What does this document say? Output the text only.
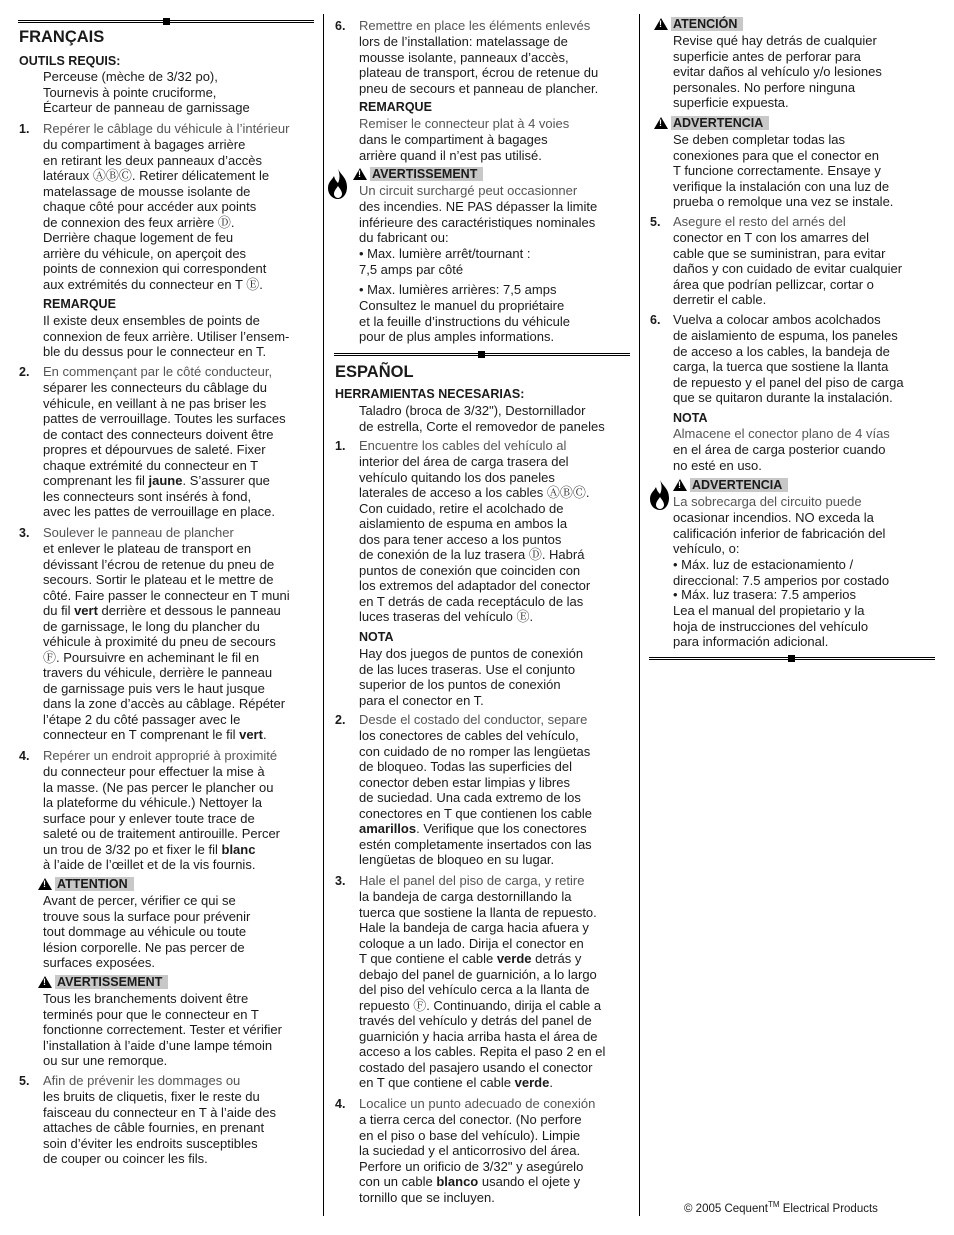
FRANÇAIS
OUTILS REQUIS:
Perceuse (mèche de 3/32 po),
Tournevis à pointe cruciforme,
Écarteur de panneau de garnissage
1. Repérer le câblage du véhicule à l’intérieur
du compartiment à bagages arrière
en retirant les deux panneaux d’accès
latéraux ⒶⒷⒸ. Retirer délicatement le
matelassage de mousse isolante de
chaque côté pour accéder aux points
de connexion des feux arrière Ⓓ.
Derrière chaque logement de feu
arrière du véhicule, on aperçoit des
points de connexion qui correspondent
aux extrémités du connecteur en T Ⓔ.
REMARQUE
Il existe deux ensembles de points de
connexion de feux arrière. Utiliser l’ensem-
ble du dessus pour le connecteur en T.
2. En commençant par le côté conducteur,
séparer les connecteurs du câblage du
véhicule, en veillant à ne pas briser les
pattes de verrouillage. Toutes les surfaces
de contact des connecteurs doivent être
propres et dépourvues de saleté. Fixer
chaque extrémité du connecteur en T
comprenant les fil jaune. S’assurer que
les connecteurs sont insérés à fond,
avec les pattes de verrouillage en place.
3. Soulever le panneau de plancher
et enlever le plateau de transport en
dévissant l’écrou de retenue du pneu de
secours. Sortir le plateau et le mettre de
côté. Faire passer le connecteur en T muni
du fil vert derrière et dessous le panneau
de garnissage, le long du plancher du
véhicule à proximité du pneu de secours
Ⓕ. Poursuivre en acheminant le fil en
travers du véhicule, derrière le panneau
de garnissage puis vers le haut jusque
dans la zone d’accès au câblage. Répéter
l’étape 2 du côté passager avec le
connecteur en T comprenant le fil vert.
4. Repérer un endroit approprié à proximité
du connecteur pour effectuer la mise à
la masse. (Ne pas percer le plancher ou
la plateforme du véhicule.) Nettoyer la
surface pour y enlever toute trace de
saleté ou de traitement antirouille. Percer
un trou de 3/32 po et fixer le fil blanc
à l’aide de l’œillet et de la vis fournis.
!
ATTENTION
Avant de percer, vérifier ce qui se
trouve sous la surface pour prévenir
tout dommage au véhicule ou toute
lésion corporelle. Ne pas percer de
surfaces exposées.
!
AVERTISSEMENT
Tous les branchements doivent être
terminés pour que le connecteur en T
fonctionne correctement. Tester et vérifier
l’installation à l’aide d’une lampe témoin
ou sur une remorque.
5. Afin de prévenir les dommages ou
les bruits de cliquetis, fixer le reste du
faisceau du connecteur en T à l’aide des
attaches de câble fournies, en prenant
soin d’éviter les endroits susceptibles
de couper ou coincer les fils.
6. Remettre en place les éléments enlevés
lors de l’installation: matelassage de
mousse isolante, panneaux d’accès,
plateau de transport, écrou de retenue du
pneu de secours et panneau de plancher.
REMARQUE
Remiser le connecteur plat à 4 voies
dans le compartiment à bagages
arrière quand il n’est pas utilisé.
!
AVERTISSEMENT
Un circuit surchargé peut occasionner
des incendies. NE PAS dépasser la limite
inférieure des caractéristiques nominales
du fabricant ou:
• Max. lumière arrêt/tournant :
7,5 amps par côté
• Max. lumières arrières: 7,5 amps
Consultez le manuel du propriétaire
et la feuille d’instructions du véhicule
pour de plus amples informations.
ESPAÑOL
HERRAMIENTAS NECESARIAS:
Taladro (broca de 3/32"), Destornillador
de estrella, Corte el removedor de paneles
1. Encuentre los cables del vehículo al
interior del área de carga trasera del
vehículo quitando los dos paneles
laterales de acceso a los cables ⒶⒷⒸ.
Con cuidado, retire el acolchado de
aislamiento de espuma en ambos la
dos para tener acceso a los puntos
de conexión de la luz trasera Ⓓ. Habrá
puntos de conexión que coinciden con
los extremos del adaptador del conector
en T detrás de cada receptáculo de las
luces traseras del vehículo Ⓔ.
NOTA
Hay dos juegos de puntos de conexión
de las luces traseras. Use el conjunto
superior de los puntos de conexión
para el conector en T.
2. Desde el costado del conductor, separe
los conectores de cables del vehículo,
con cuidado de no romper las lengüetas
de bloqueo. Todas las superficies del
conector deben estar limpias y libres
de suciedad. Una cada extremo de los
conectores en T que contienen los cable
amarillos. Verifique que los conectores
estén completamente insertados con las
lengüetas de bloqueo en su lugar.
3. Hale el panel del piso de carga, y retire
la bandeja de carga destornillando la
tuerca que sostiene la llanta de repuesto.
Hale la bandeja de carga hacia afuera y
coloque a un lado. Dirija el conector en
T que contiene el cable verde detrás y
debajo del panel de guarnición, a lo largo
del piso del vehículo cerca a la llanta de
repuesto Ⓕ. Continuando, dirija el cable a
través del vehículo y detrás del panel de
guarnición y hacia arriba hasta el área de
acceso a los cables. Repita el paso 2 en el
costado del pasajero usando el conector
en T que contiene el cable verde.
4. Localice un punto adecuado de conexión
a tierra cerca del conector. (No perfore
en el piso o base del vehículo). Limpie
la suciedad y el anticorrosivo del área.
Perfore un orificio de 3/32" y asegúrelo
con un cable blanco usando el ojete y
tornillo que se incluyen.
!
ATENCIÓN
Revise qué hay detrás de cualquier
superficie antes de perforar para
evitar daños al vehículo y/o lesiones
personales. No perfore ninguna
superficie expuesta.
!
ADVERTENCIA
Se deben completar todas las
conexiones para que el conector en
T funcione correctamente. Ensaye y
verifique la instalación con una luz de
prueba o remolque una vez se instale.
5. Asegure el resto del arnés del
conector en T con los amarres del
cable que se suministran, para evitar
daños y con cuidado de evitar cualquier
área que podrían pellizcar, cortar o
derretir el cable.
6. Vuelva a colocar ambos acolchados
de aislamiento de espuma, los paneles
de acceso a los cables, la bandeja de
carga, la tuerca que sostiene la llanta
de repuesto y el panel del piso de carga
que se quitaron durante la instalación.
NOTA
Almacene el conector plano de 4 vías
en el área de carga posterior cuando
no esté en uso.
!
ADVERTENCIA
La sobrecarga del circuito puede
ocasionar incendios. NO exceda la
calificación inferior de fabricación del
vehículo, o:
• Máx. luz de estacionamiento /
direccional: 7.5 amperios por costado
• Máx. luz trasera: 7.5 amperios
Lea el manual del propietario y la
hoja de instrucciones del vehículo
para información adicional.
© 2005 Cequent™ Electrical Products
